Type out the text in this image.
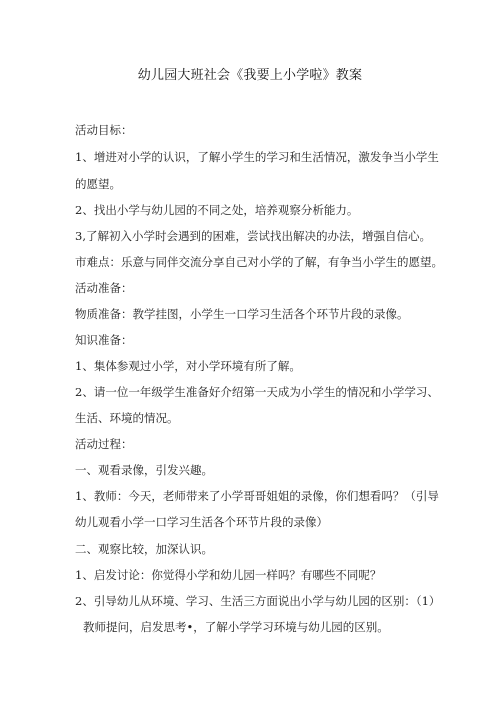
幼儿园大班社会《我要上小学啦》教案
活动目标：
1、增进对小学的认识，了解小学生的学习和生活情况，激发争当小学生
的愿望。
2、找出小学与幼儿园的不同之处，培养观察分析能力。
3,了解初入小学时会遇到的困难，尝试找出解决的办法，增强自信心。
市难点：乐意与同伴交流分享自己对小学的了解，有争当小学生的愿望。
活动准备：
物质准备：教学挂图，小学生一口学习生活各个环节片段的录像。
知识准备：
1、集体参观过小学，对小学环境有所了解。
2、请一位一年级学生准备好介绍第一天成为小学生的情况和小学学习、
生活、环境的情况。
活动过程：
一、观看录像，引发兴趣。
1、教师：今天，老师带来了小学哥哥姐姐的录像，你们想看吗？（引导
幼儿观看小学一口学习生活各个环节片段的录像）
二、观察比较，加深认识。
1、启发讨论：你觉得小学和幼儿园一样吗？有哪些不同呢？
2、引导幼儿从环境、学习、生活三方面说出小学与幼儿园的区别：（1）
教师提问，启发思考•，了解小学学习环境与幼儿园的区别。
